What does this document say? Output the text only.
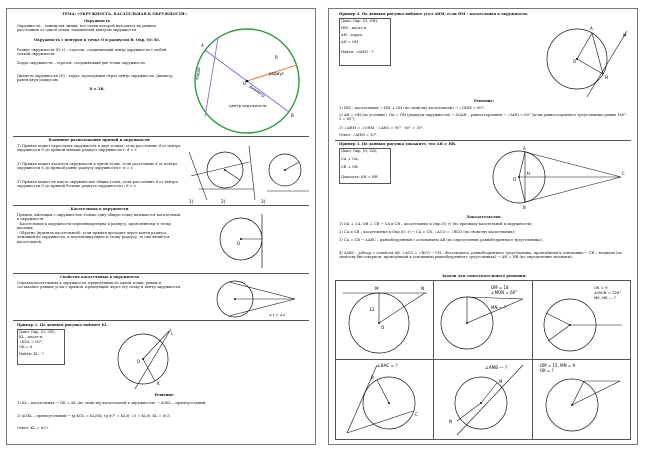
ТЕМА: «ОКРУЖНОСТЬ. КАСАТЕЛЬНАЯ К ОКРУЖНОСТИ»

Окружность

Окружность – замкнутая линия, все точки которой находятся на равном расстоянии от одной точки, называемой центром окружности.

Окружность с центром в точке О и радиусом R: Окр. (O; R).

Радиус окружности (R, r) – отрезок, соединяющий центр окружности с любой точкой окружности.

Хорда окружности – отрезок, соединяющий две точки окружности.

Диаметр окружности (D) – хорда, проходящая через центр окружности. Диаметр равен двум радиусам:

D = 2R.

O
хорда
диаметр
радиус
центр окружности
R
A
B

Взаимное расположение прямой и окружности:

1) Прямая может пересекать окружность в двух точках, если расстояние d от центра окружности О до прямой меньше радиуса окружности r: d < r.

2) Прямая может касаться окружности в одной точке, если расстояние d от центра окружности О до прямой равно радиусу окружности r: d = r.

3) Прямая может не иметь окружностью общих точек, если расстояние d от центра окружности О до прямой больше радиуса окружности r: d > r.

1)	2)	3)

Касательная к окружности

Прямая, имеющая с окружностью только одну общую точку называется касательной к окружности.

- Касательная к окружности перпендикулярна к радиусу, проведённому в точку касания.

- Обратно (признак касательной): если прямая проходит через конец радиуса, лежащий на окружности, и перпендикулярна к этому радиусу, то она является касательной.	O

Свойства касательных к окружности

Отрезки касательных к окружности, проведённых из одной точки, равны и составляют равные углы с прямой, проходящей через эту точку и центр окружности.

∠1 = ∠2

Пример 1. По данным рисунка найдите KL.

Дано: Окр. (O; OK);

KL – касат-я;

∠KOL = 60°;

OK = 6.

Найти: KL - ?

O
K
L

Решение:

1) KL – касательная → OK ⊥ KL (по свойству касательной к окружности) → ΔOKL – прямоугольный;

2) ΔOKL – прямоугольный → tg KOL = KL/OK; tg 60° = KL/6; √3 = KL/6; KL = 6√3.

Ответ: KL = 6√3.

Пример 2. По данным рисунка найдите угол AHM, если HM – касательная к окружности.

Дано: Окр. (O; OH);

HM – касат-я;

AH – хорда;

AH = OH.

Найти: ∠AHM - ?

O
A
H
M

Решение:

1) HM – касательная → HM ⊥ OH (по свойству касательной) → ∠OHM = 90°;

2) AH = OH (по условию), OA = OH (радиусы окружности) → ΔOAH – равносторонний → ∠AHO = 60° (углы равностороннего треугольника равны 180° : 3 = 60°);

3) ∠AHM = ∠OHM - ∠AHO = 90° - 60° = 30°.

Ответ: ∠AHM = 30°.

Пример 3. По данным рисунка докажите, что AH = HB.

Дано: Окр. (O; OA);

CA ⊥ OA;

CB ⊥ OB.

Доказать: AH = HB	O
A
B
H	C

Доказательство:

1) OA ⊥ CA, OB ⊥ CB → CA и CB – касательные к Окр.(O; r) (по признаку касательной к окружности);

2) CA и CB – касательные к Окр.(O; r) → CA = CB, ∠ACO = ∠BCO (по свойству касательных);

3) CA = CB → ΔABC – равнобедренный с основанием AB (по определению равнобедренного треугольника);

4) ΔABC – р/бедр. с основ-ем AB, ∠ACO = ∠BCO → CH – биссектриса, равнобедренного треугольника, проведённая к основанию → CH – медиана (по свойству биссектрисы, проведённой к основанию равнобедренного треугольника) → AH = HB (по определению медианы).

Задачи для самостоятельного решения:

12
N
M
O
OM = 18
∠MON = 60°
MN — ?
OK = 9
∠MON = 120°
MK, NK — ?
∠BAC = ?
B
C
∠AMB — ?
M
N
OM = 15, MN = 9
OK = ?
